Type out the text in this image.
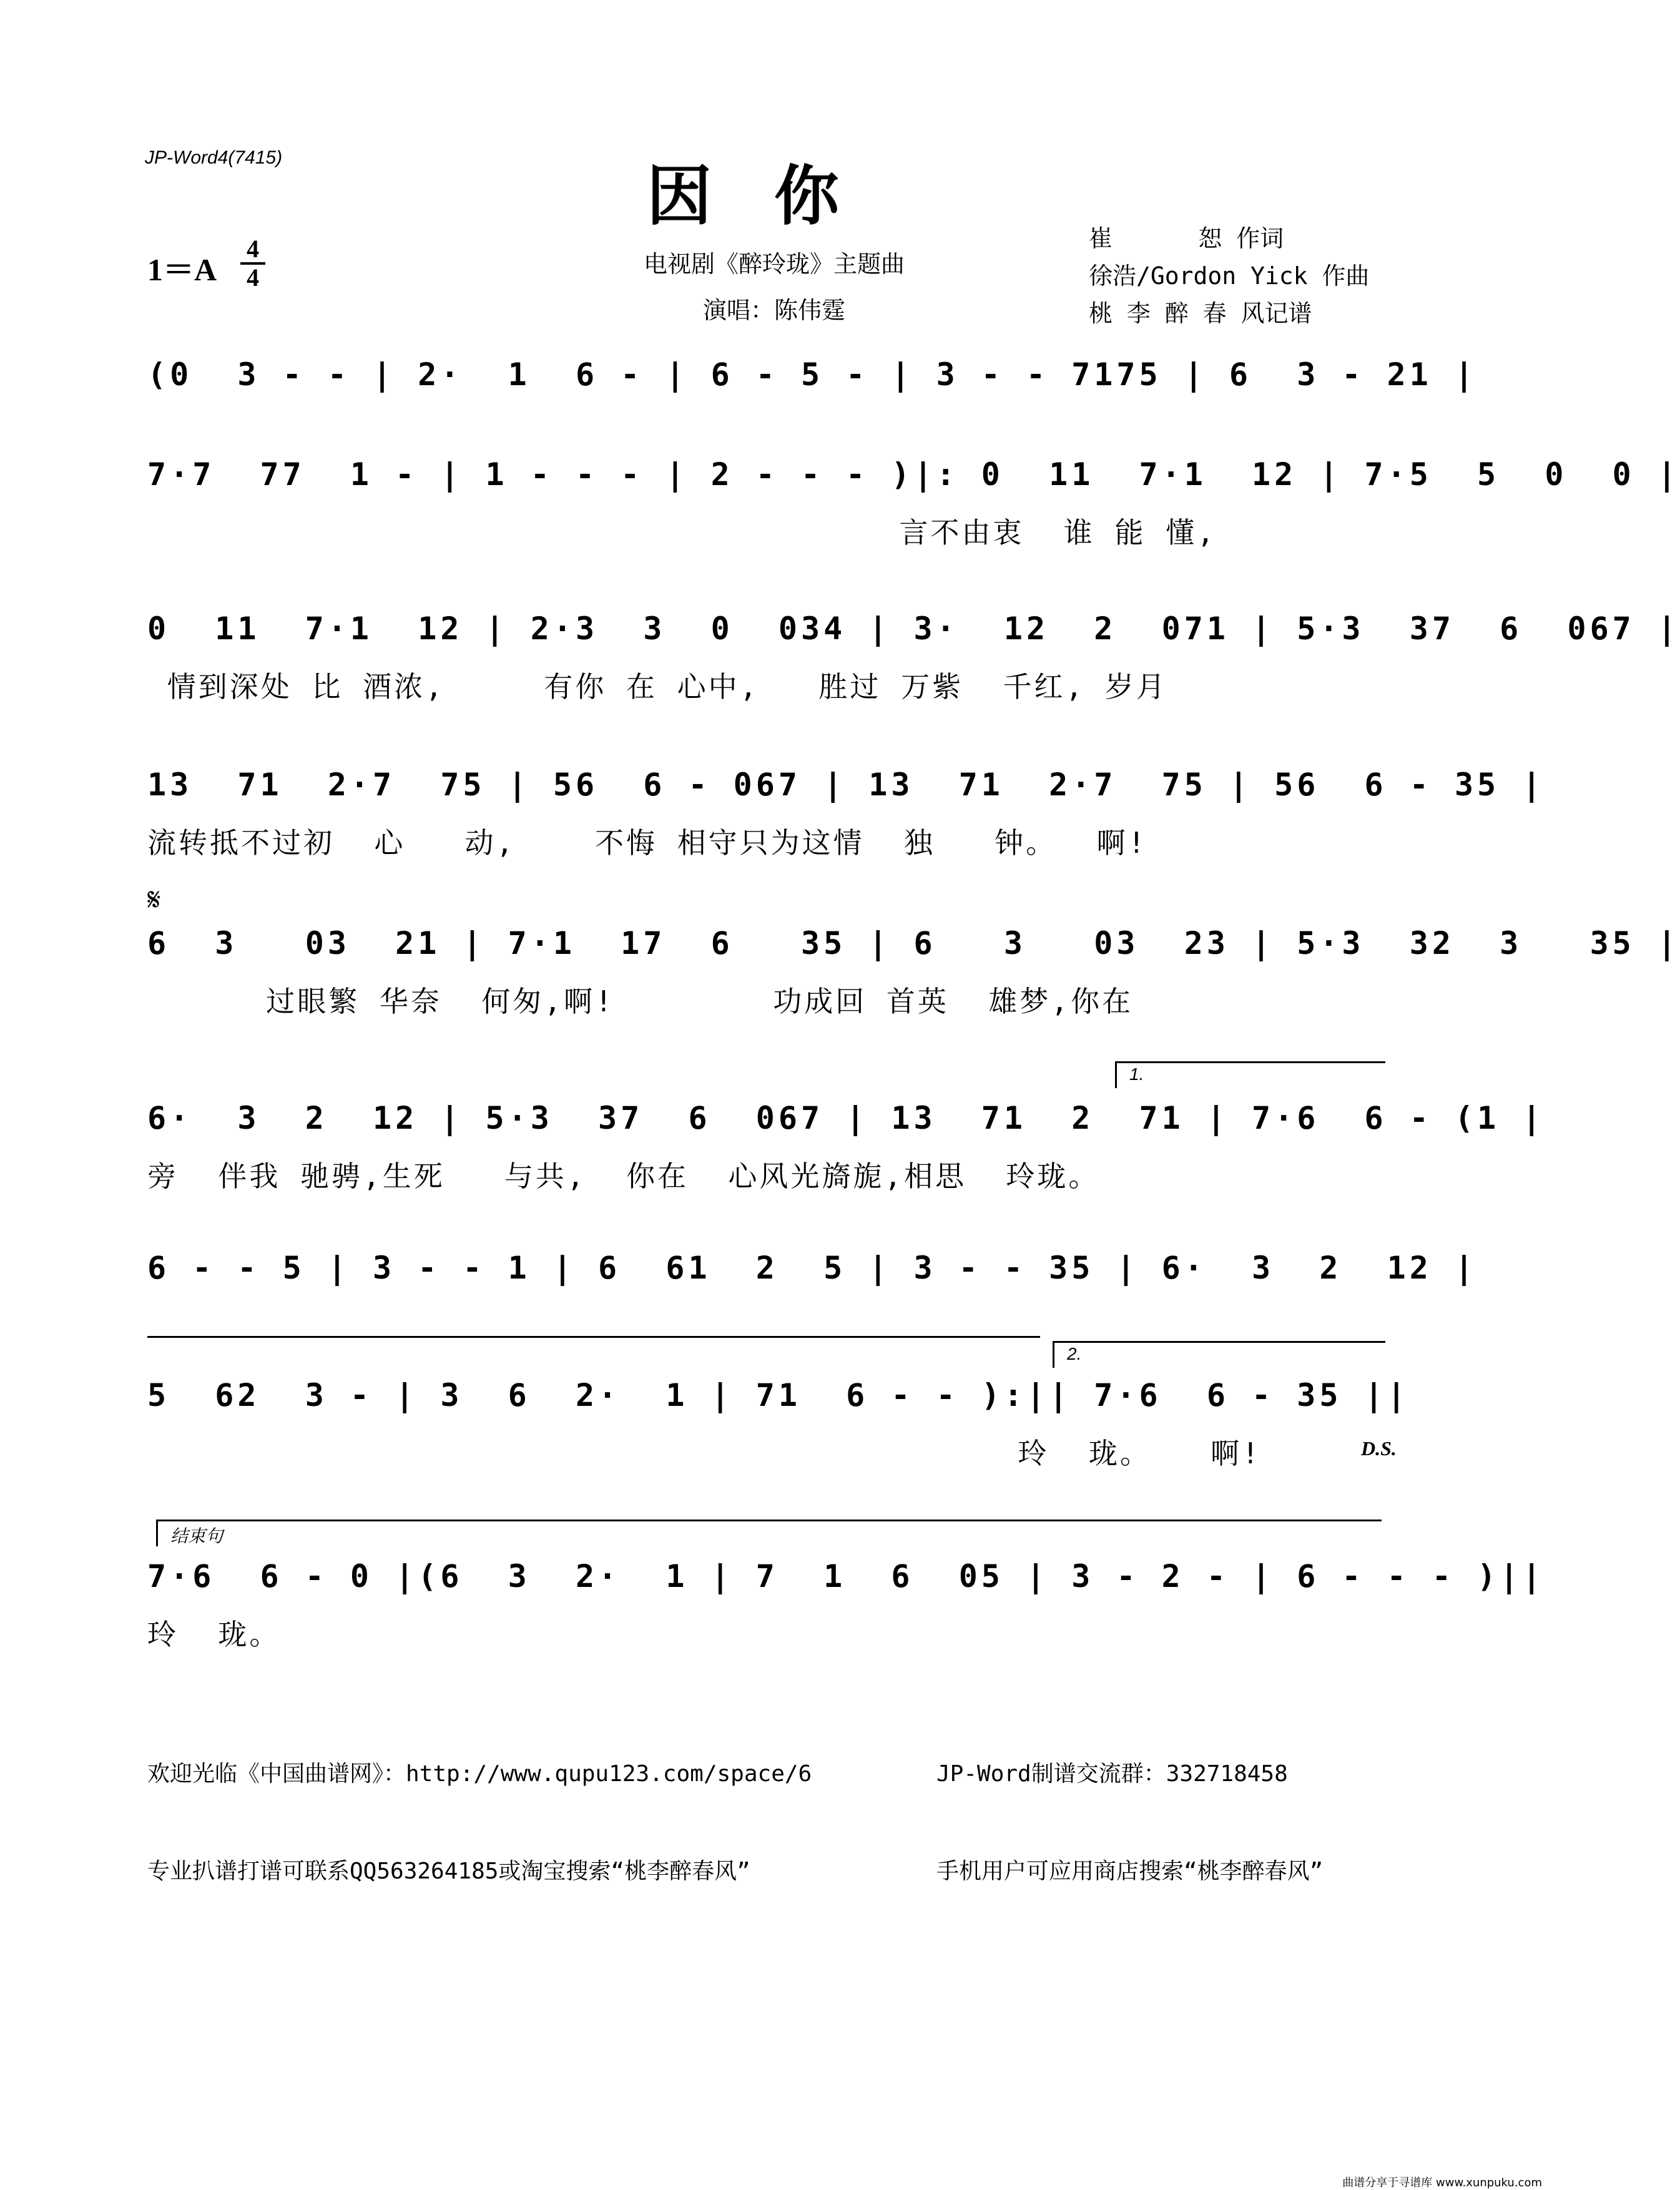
JP-Word4(7415)	因你
1＝A
4
4	电视剧《醉玲珑》主题曲
演唱：陈伟霆
崔      恕 作词
徐浩/Gordon Yick 作曲
桃 李 醉 春 风记谱
(0  3 - - | 2·  1  6 - | 6 - 5 - | 3 - - 7175 | 6  3 - 21 |
7·7  77  1 - | 1 - - - | 2 - - - )|: 0  11  7·1  12 | 7·5  5  0  0 |
言不由衷  谁 能 懂,
0  11  7·1  12 | 2·3  3  0  034 | 3·  12  2  071 | 5·3  37  6  067 |
情到深处 比 酒浓,     有你 在 心中,   胜过 万紫  千红, 岁月
13  71  2·7  75 | 56  6 - 067 | 13  71  2·7  75 | 56  6 - 35 |
流转抵不过初  心   动,    不悔 相守只为这情  独   钟。  啊!
𝄋
6  3   03  21 | 7·1  17  6   35 | 6   3   03  23 | 5·3  32  3   35 |
过眼繁 华奈  何匆,啊!        功成回 首英  雄梦,你在
1.
6·  3  2  12 | 5·3  37  6  067 | 13  71  2  71 | 7·6  6 - (1 |
旁  伴我 驰骋,生死   与共,  你在  心风光旖旎,相思  玲珑。
6 - - 5 | 3 - - 1 | 6  61  2  5 | 3 - - 35 | 6·  3  2  12 |
2.
5  62  3 - | 3  6  2·  1 | 71  6 - - ):|| 7·6  6 - 35 ||
玲  珑。   啊!	D.S.
结束句
7·6  6 - 0 |(6  3  2·  1 | 7  1  6  05 | 3 - 2 - | 6 - - - )||
玲  珑。

欢迎光临《中国曲谱网》：http://www.qupu123.com/space/6

专业扒谱打谱可联系QQ563264185或淘宝搜索“桃李醉春风”

JP-Word制谱交流群：332718458

手机用户可应用商店搜索“桃李醉春风”

曲谱分享于寻谱库 www.xunpuku.com
